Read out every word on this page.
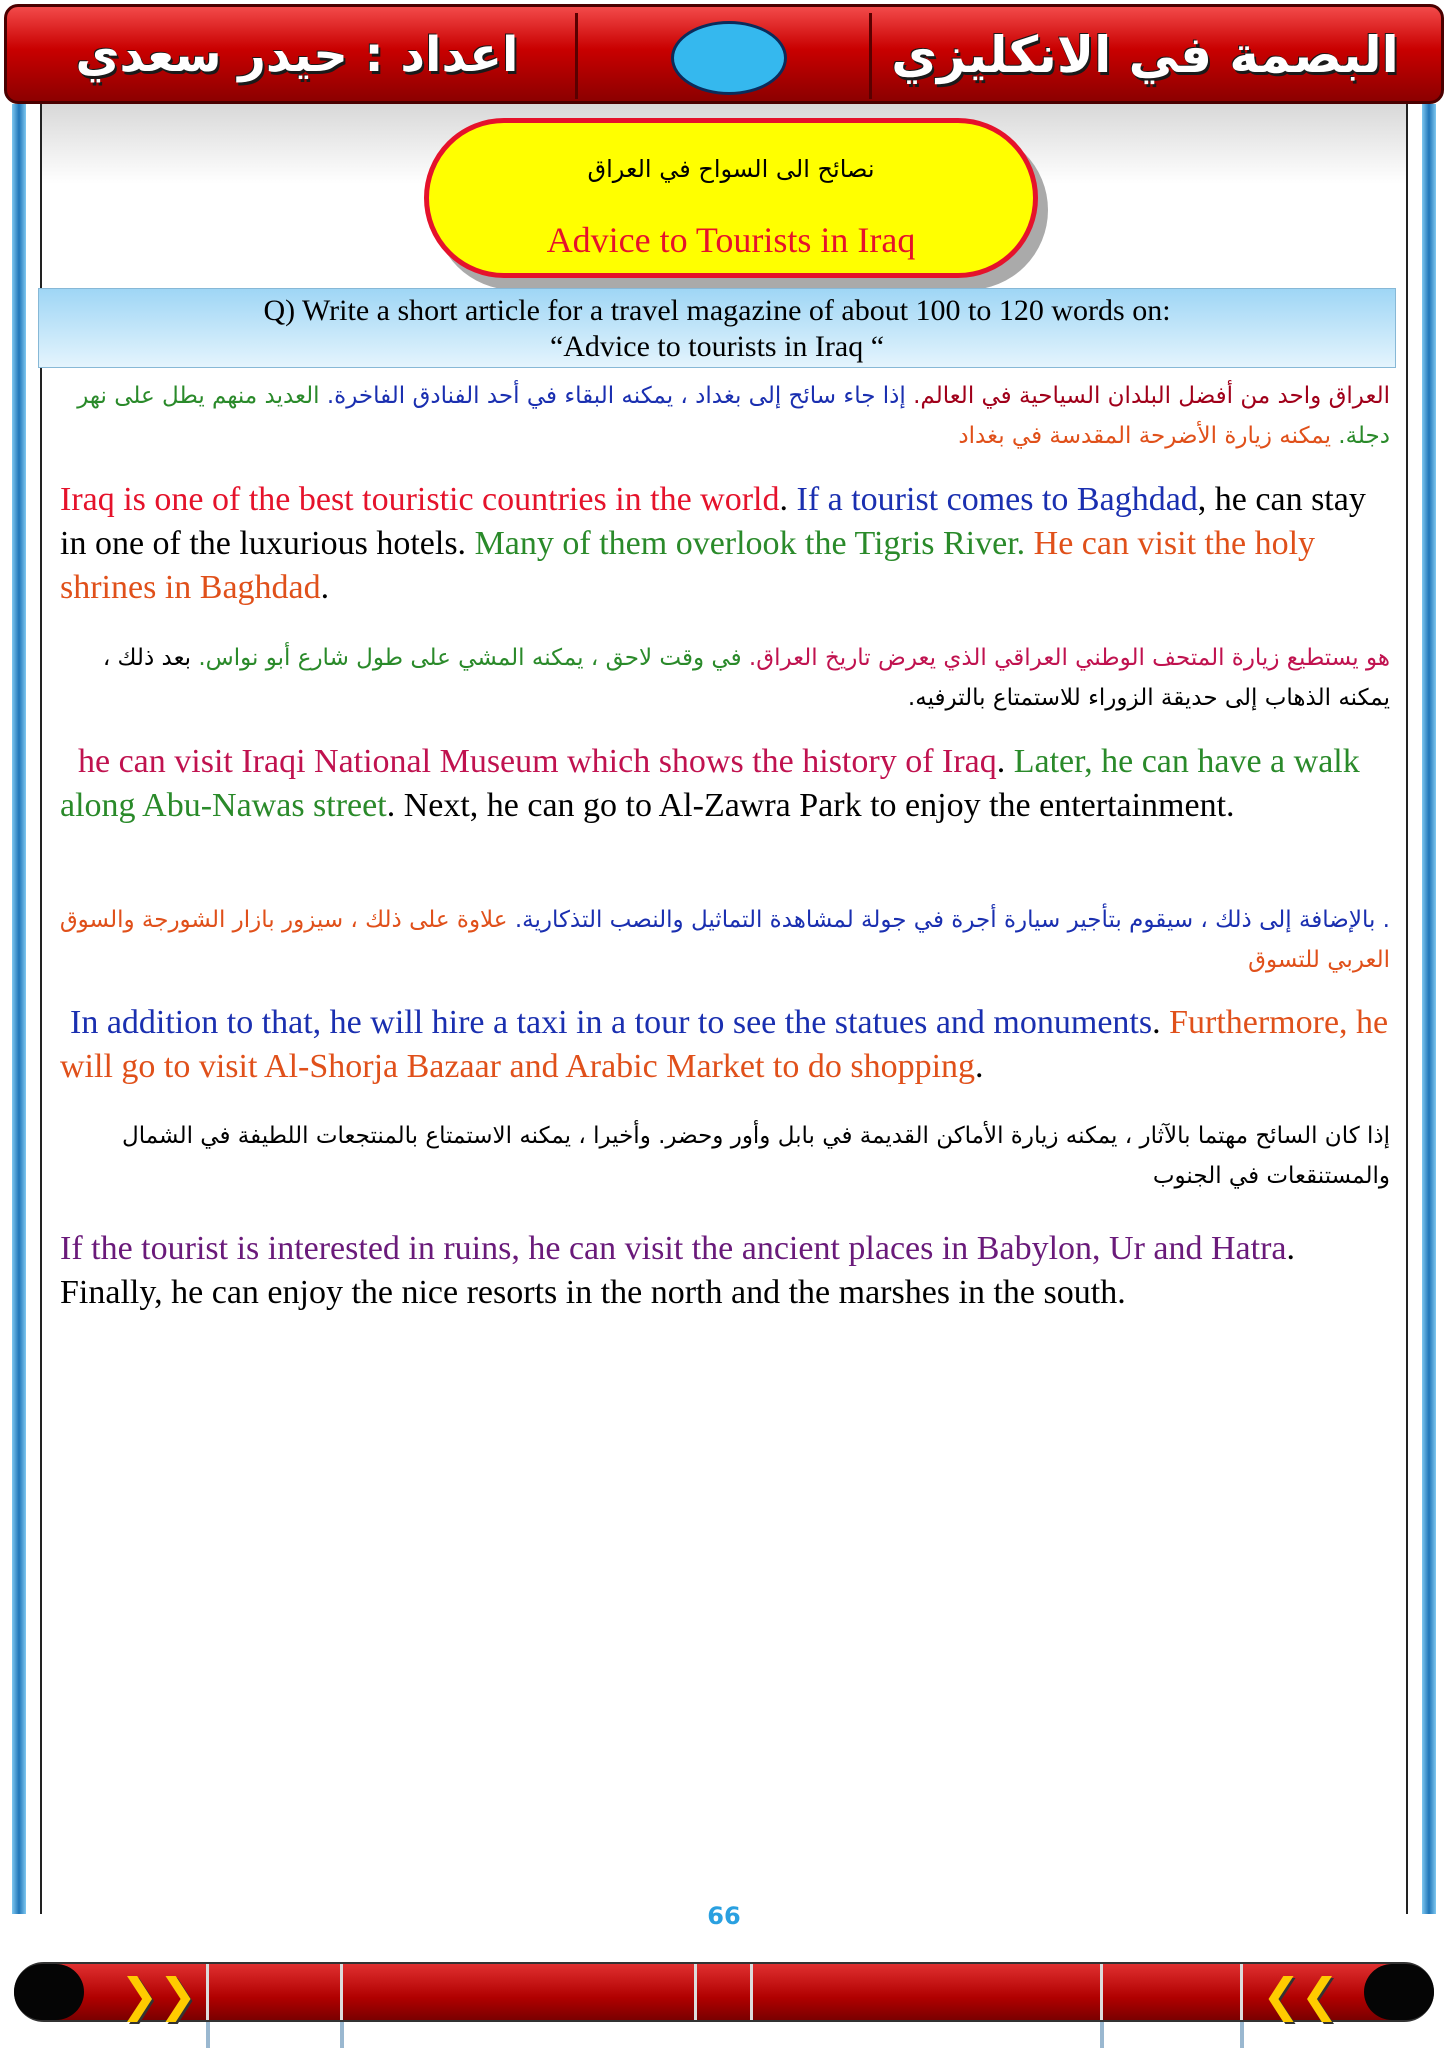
اعداد : حيدر سعدي	البصمة في الانكليزي
نصائح الى السواح في العراق
Advice to Tourists in Iraq
Q) Write a short article for a travel magazine of about 100 to 120 words on:
“Advice to tourists in Iraq “
العراق واحد من أفضل البلدان السياحية في العالم. إذا جاء سائح إلى بغداد ، يمكنه البقاء في أحد الفنادق الفاخرة. العديد منهم يطل على نهر دجلة. يمكنه زيارة الأضرحة المقدسة في بغداد
Iraq is one of the best touristic countries in the world. If a tourist comes to Baghdad, he can stay in one of the luxurious hotels. Many of them overlook the Tigris River. He can visit the holy shrines in Baghdad.
هو يستطيع زيارة المتحف الوطني العراقي الذي يعرض تاريخ العراق. في وقت لاحق ، يمكنه المشي على طول شارع أبو نواس. بعد ذلك ، يمكنه الذهاب إلى حديقة الزوراء للاستمتاع بالترفيه.
he can visit Iraqi National Museum which shows the history of Iraq. Later, he can have a walk along Abu-Nawas street. Next, he can go to Al-Zawra Park to enjoy the entertainment.
. بالإضافة إلى ذلك ، سيقوم بتأجير سيارة أجرة في جولة لمشاهدة التماثيل والنصب التذكارية. علاوة على ذلك ، سيزور بازار الشورجة والسوق العربي للتسوق
In addition to that, he will hire a taxi in a tour to see the statues and monuments. Furthermore, he will go to visit Al-Shorja Bazaar and Arabic Market to do shopping.
إذا كان السائح مهتما بالآثار ، يمكنه زيارة الأماكن القديمة في بابل وأور وحضر. وأخيرا ، يمكنه الاستمتاع بالمنتجعات اللطيفة في الشمال والمستنقعات في الجنوب
If the tourist is interested in ruins, he can visit the ancient places in Babylon, Ur and Hatra. Finally, he can enjoy the nice resorts in the north and the marshes in the south.
66
❯❯	❮❮
